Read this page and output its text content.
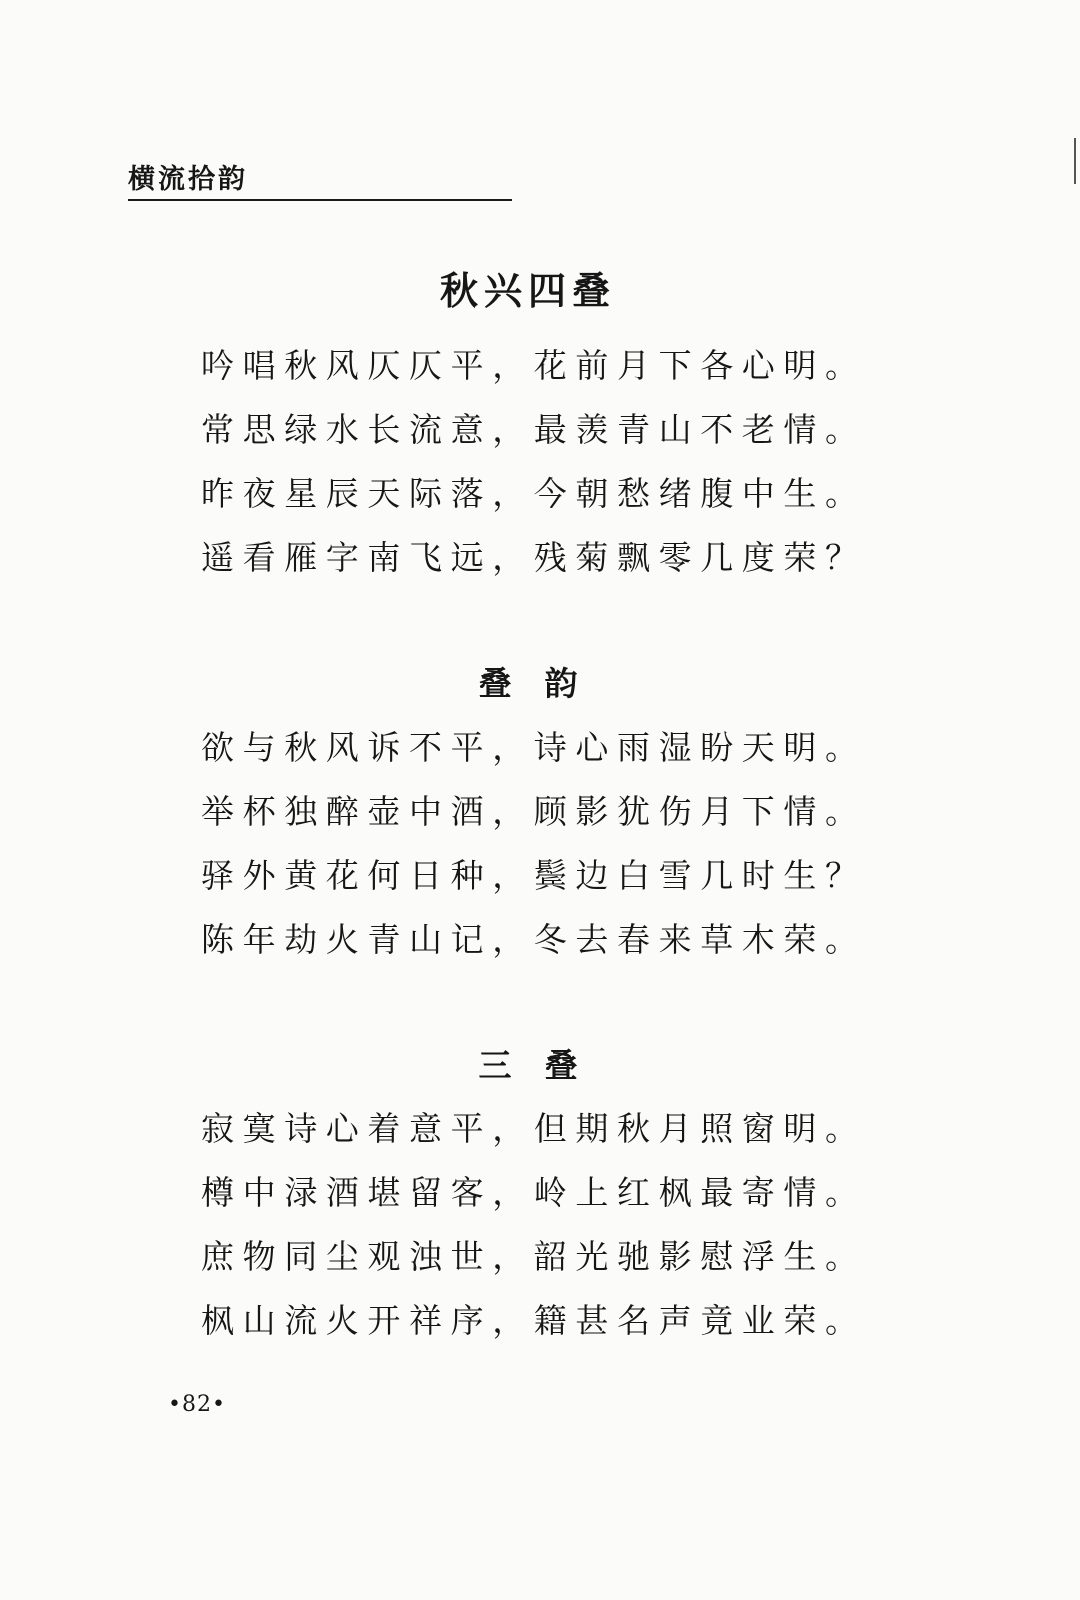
横流拾韵
秋兴四叠
吟唱秋风仄仄平，花前月下各心明。
常思绿水长流意，最羡青山不老情。
昨夜星辰天际落，今朝愁绪腹中生。
遥看雁字南飞远，残菊飘零几度荣？
叠　韵
欲与秋风诉不平，诗心雨湿盼天明。
举杯独醉壶中酒，顾影犹伤月下情。
驿外黄花何日种，鬓边白雪几时生？
陈年劫火青山记，冬去春来草木荣。
三　叠
寂寞诗心着意平，但期秋月照窗明。
樽中渌酒堪留客，岭上红枫最寄情。
庶物同尘观浊世，韶光驰影慰浮生。
枫山流火开祥序，籍甚名声竟业荣。
•82•
